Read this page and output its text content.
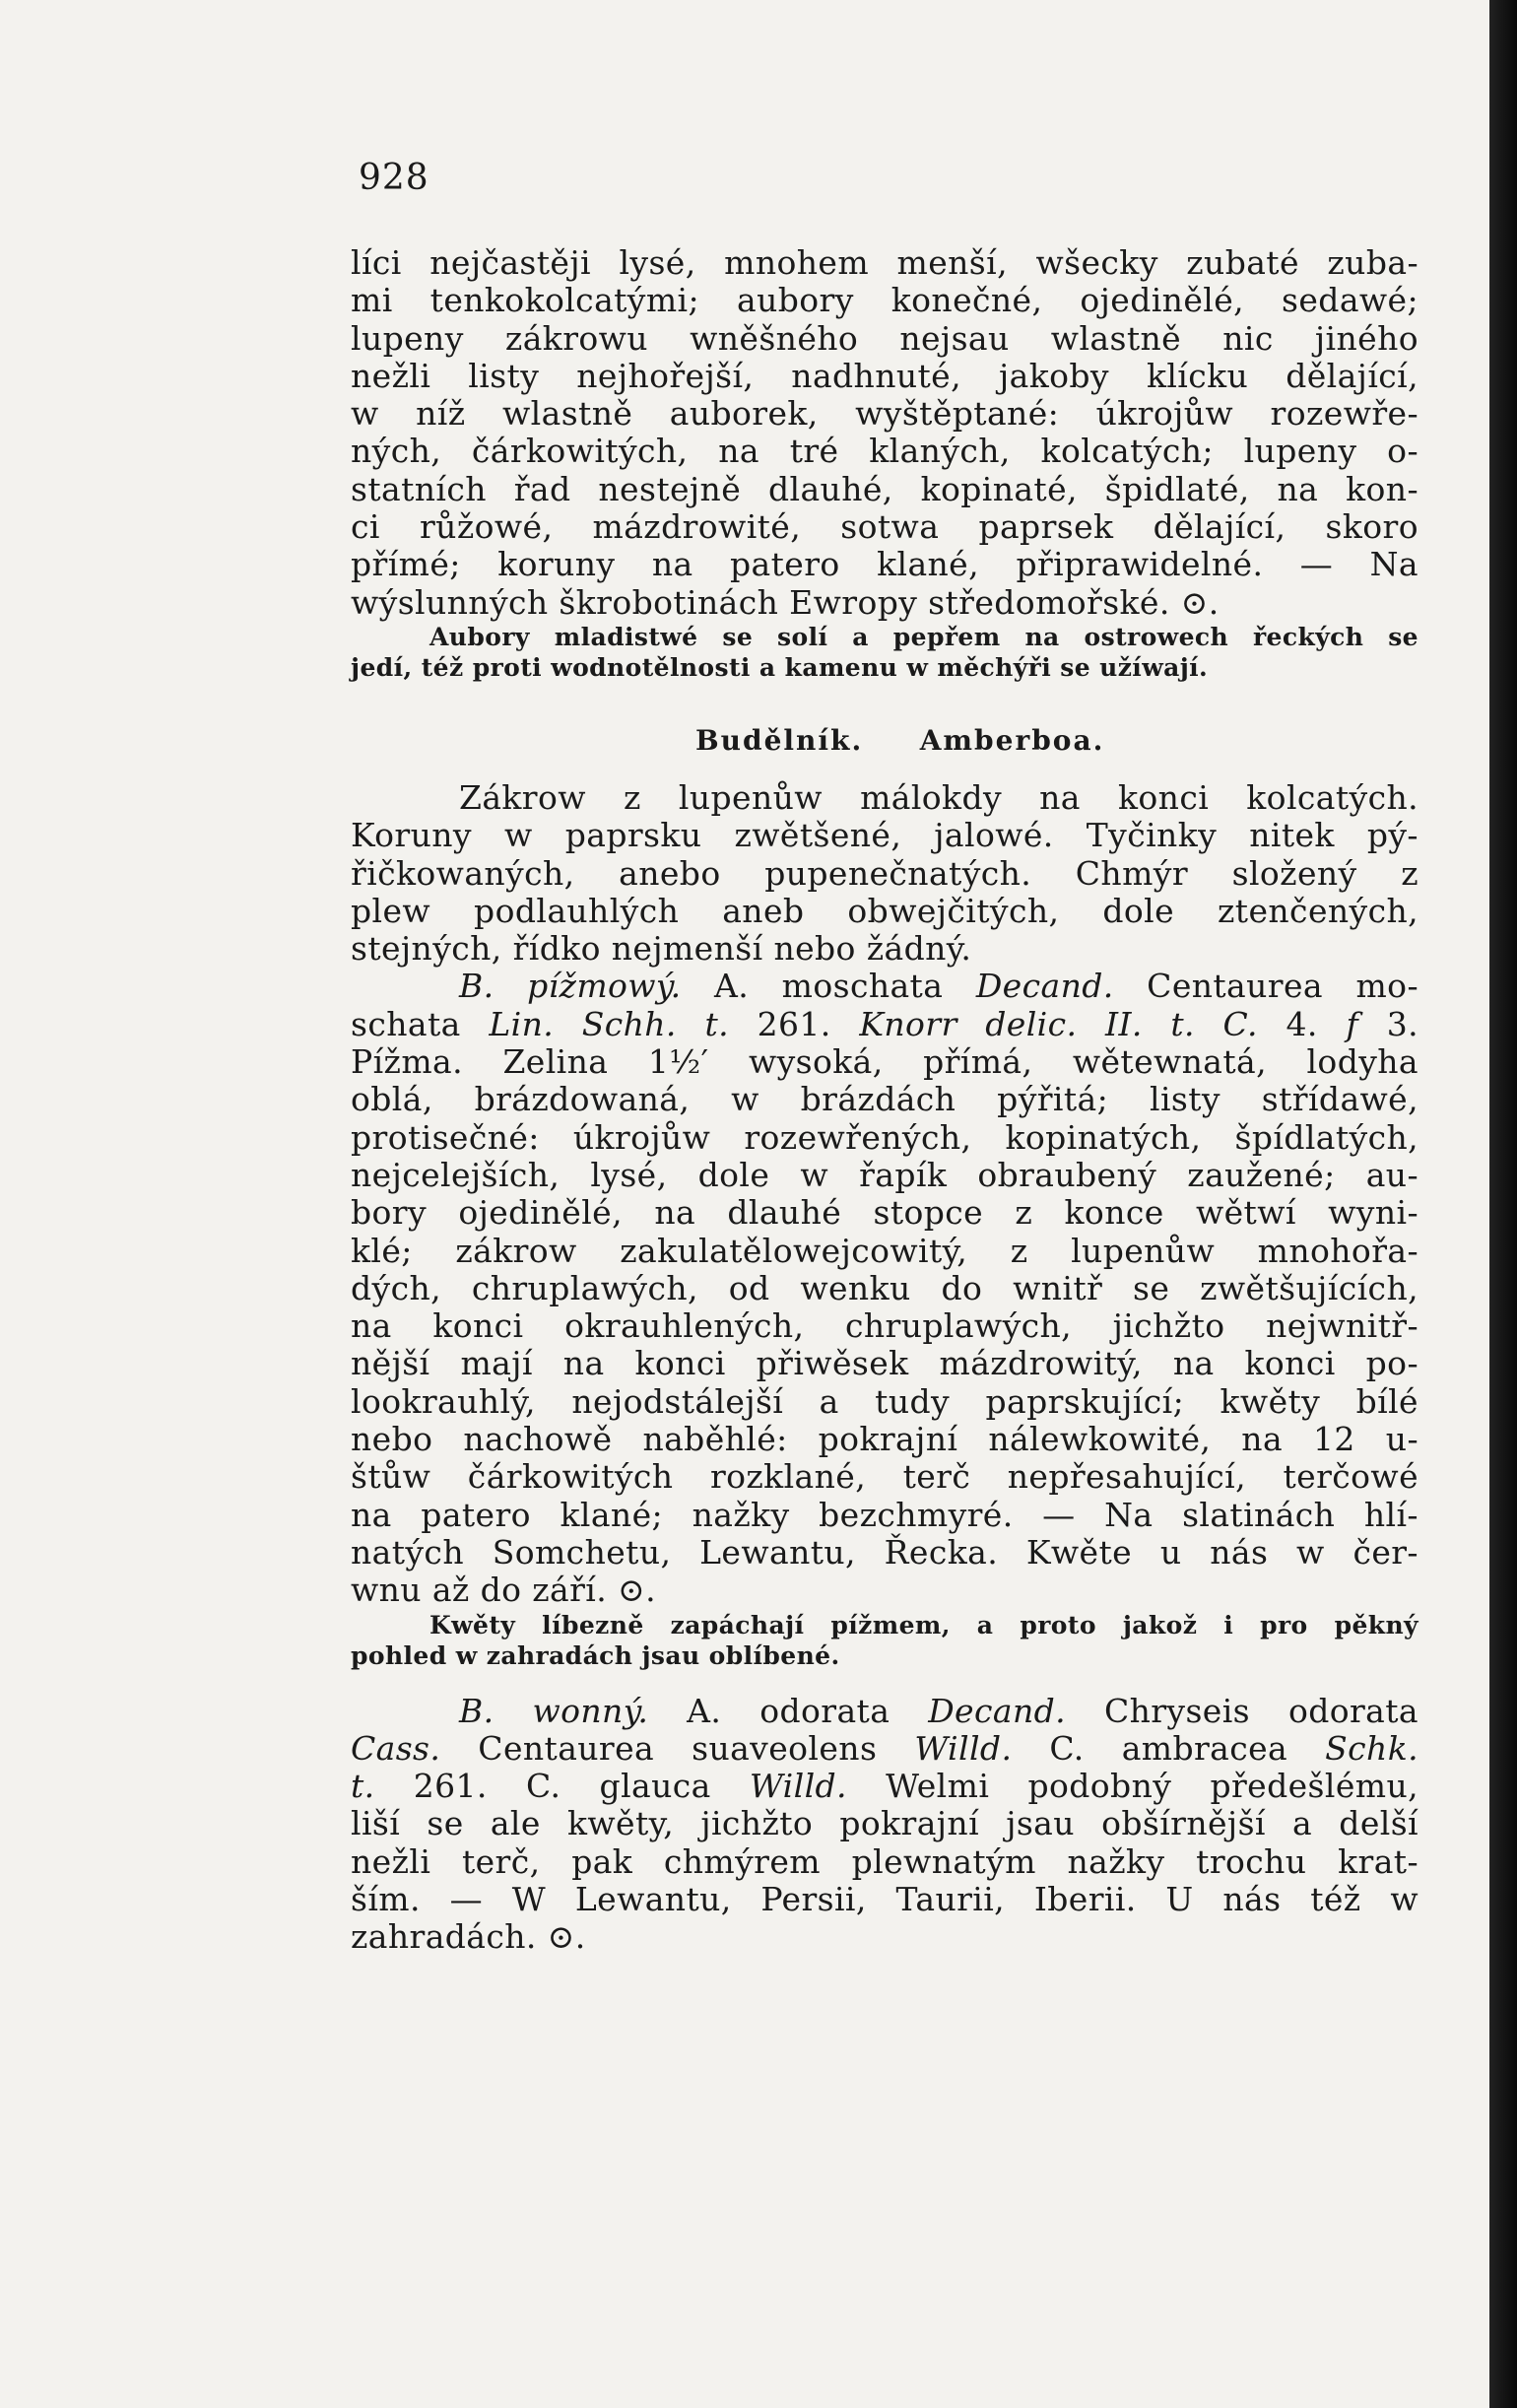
928
líci nejčastěji lysé, mnohem menší, wšecky zubaté zuba-
mi tenkokolcatými; aubory konečné, ojedinělé, sedawé;
lupeny zákrowu wněšného nejsau wlastně nic jiného
nežli listy nejhořejší, nadhnuté, jakoby klícku dělající,
w níž wlastně auborek, wyštěptané: úkrojůw rozewře-
ných, čárkowitých, na tré klaných, kolcatých; lupeny o-
statních řad nestejně dlauhé, kopinaté, špidlaté, na kon-
ci růžowé, mázdrowité, sotwa paprsek dělající, skoro
přímé; koruny na patero klané, připrawidelné. — Na
wýslunných škrobotinách Ewropy středomořské. ⊙.
Aubory mladistwé se solí a pepřem na ostrowech řeckých se
jedí, též proti wodnotělnosti a kamenu w měchýři se užíwají.
Budělník. Amberboa.
Zákrow z lupenůw málokdy na konci kolcatých.
Koruny w paprsku zwětšené, jalowé. Tyčinky nitek pý-
řičkowaných, anebo pupenečnatých. Chmýr složený z
plew podlauhlých aneb obwejčitých, dole ztenčených,
stejných, řídko nejmenší nebo žádný.
B. pížmowý. A. moschata Decand. Centaurea mo-
schata Lin. Schh. t. 261. Knorr delic. II. t. C. 4. f 3.
Pížma. Zelina 1½′ wysoká, přímá, wětewnatá, lodyha
oblá, brázdowaná, w brázdách pýřitá; listy střídawé,
protisečné: úkrojůw rozewřených, kopinatých, špídlatých,
nejcelejších, lysé, dole w řapík obraubený zaužené; au-
bory ojedinělé, na dlauhé stopce z konce wětwí wyni-
klé; zákrow zakulatělowejcowitý, z lupenůw mnohořa-
dých, chruplawých, od wenku do wnitř se zwětšujících,
na konci okrauhlených, chruplawých, jichžto nejwnitř-
nější mají na konci přiwěsek mázdrowitý, na konci po-
lookrauhlý, nejodstálejší a tudy paprskující; kwěty bílé
nebo nachowě naběhlé: pokrajní nálewkowité, na 12 u-
štůw čárkowitých rozklané, terč nepřesahující, terčowé
na patero klané; nažky bezchmyré. — Na slatinách hlí-
natých Somchetu, Lewantu, Řecka. Kwěte u nás w čer-
wnu až do září. ⊙.
Kwěty líbezně zapáchají pížmem, a proto jakož i pro pěkný
pohled w zahradách jsau oblíbené.
B. wonný. A. odorata Decand. Chryseis odorata
Cass. Centaurea suaveolens Willd. C. ambracea Schk.
t. 261. C. glauca Willd. Welmi podobný předešlému,
liší se ale kwěty, jichžto pokrajní jsau obšírnější a delší
nežli terč, pak chmýrem plewnatým nažky trochu krat-
ším. — W Lewantu, Persii, Taurii, Iberii. U nás též w
zahradách. ⊙.
